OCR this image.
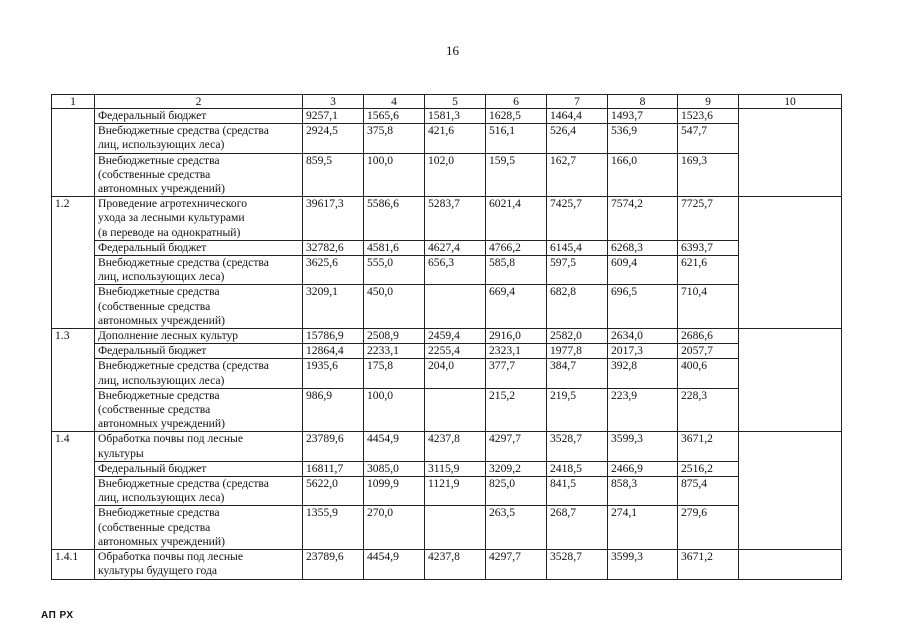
16
1	2	3	4	5	6	7	8	9	10
	Федеральный бюджет	9257,1	1565,6	1581,3	1628,5	1464,4	1493,7	1523,6	
	Внебюджетные средства (средства
лиц, использующих леса)	2924,5	375,8	421,6	516,1	526,4	536,9	547,7	
	Внебюджетные средства
(собственные средства
автономных учреждений)	859,5	100,0	102,0	159,5	162,7	166,0	169,3	
1.2	Проведение агротехнического
ухода за лесными культурами
(в переводе на однократный)	39617,3	5586,6	5283,7	6021,4	7425,7	7574,2	7725,7	
	Федеральный бюджет	32782,6	4581,6	4627,4	4766,2	6145,4	6268,3	6393,7	
	Внебюджетные средства (средства
лиц, использующих леса)	3625,6	555,0	656,3	585,8	597,5	609,4	621,6	
	Внебюджетные средства
(собственные средства
автономных учреждений)	3209,1	450,0		669,4	682,8	696,5	710,4	
1.3	Дополнение лесных культур	15786,9	2508,9	2459,4	2916,0	2582,0	2634,0	2686,6	
	Федеральный бюджет	12864,4	2233,1	2255,4	2323,1	1977,8	2017,3	2057,7	
	Внебюджетные средства (средства
лиц, использующих леса)	1935,6	175,8	204,0	377,7	384,7	392,8	400,6	
	Внебюджетные средства
(собственные средства
автономных учреждений)	986,9	100,0		215,2	219,5	223,9	228,3	
1.4	Обработка почвы под лесные
культуры	23789,6	4454,9	4237,8	4297,7	3528,7	3599,3	3671,2	
	Федеральный бюджет	16811,7	3085,0	3115,9	3209,2	2418,5	2466,9	2516,2	
	Внебюджетные средства (средства
лиц, использующих леса)	5622,0	1099,9	1121,9	825,0	841,5	858,3	875,4	
	Внебюджетные средства
(собственные средства
автономных учреждений)	1355,9	270,0		263,5	268,7	274,1	279,6	
1.4.1	Обработка почвы под лесные
культуры будущего года	23789,6	4454,9	4237,8	4297,7	3528,7	3599,3	3671,2	
АП РХ
